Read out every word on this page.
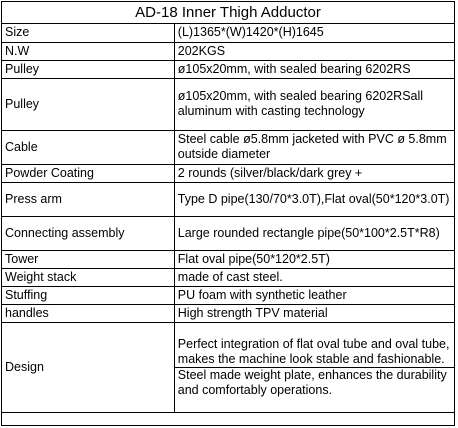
AD-18 Inner Thigh Adductor
Size	(L)1365*(W)1420*(H)1645
N.W	202KGS
Pulley	ø105x20mm, with sealed bearing 6202RS
Pulley	ø105x20mm, with sealed bearing 6202RSall aluminum with casting technology
Cable	Steel cable ø5.8mm jacketed with PVC ø 5.8mm outside diameter
Powder Coating	2 rounds (silver/black/dark grey +
Press arm	Type D pipe(130/70*3.0T),Flat oval(50*120*3.0T)
Connecting assembly	Large rounded rectangle pipe(50*100*2.5T*R8)
Tower	Flat oval pipe(50*120*2.5T)
Weight stack	made of cast steel.
Stuffing	PU foam with synthetic leather
handles	High strength TPV material
Design	Perfect integration of flat oval tube and oval tube, makes the machine look stable and fashionable.
Steel made weight plate, enhances the durability and comfortably operations.
